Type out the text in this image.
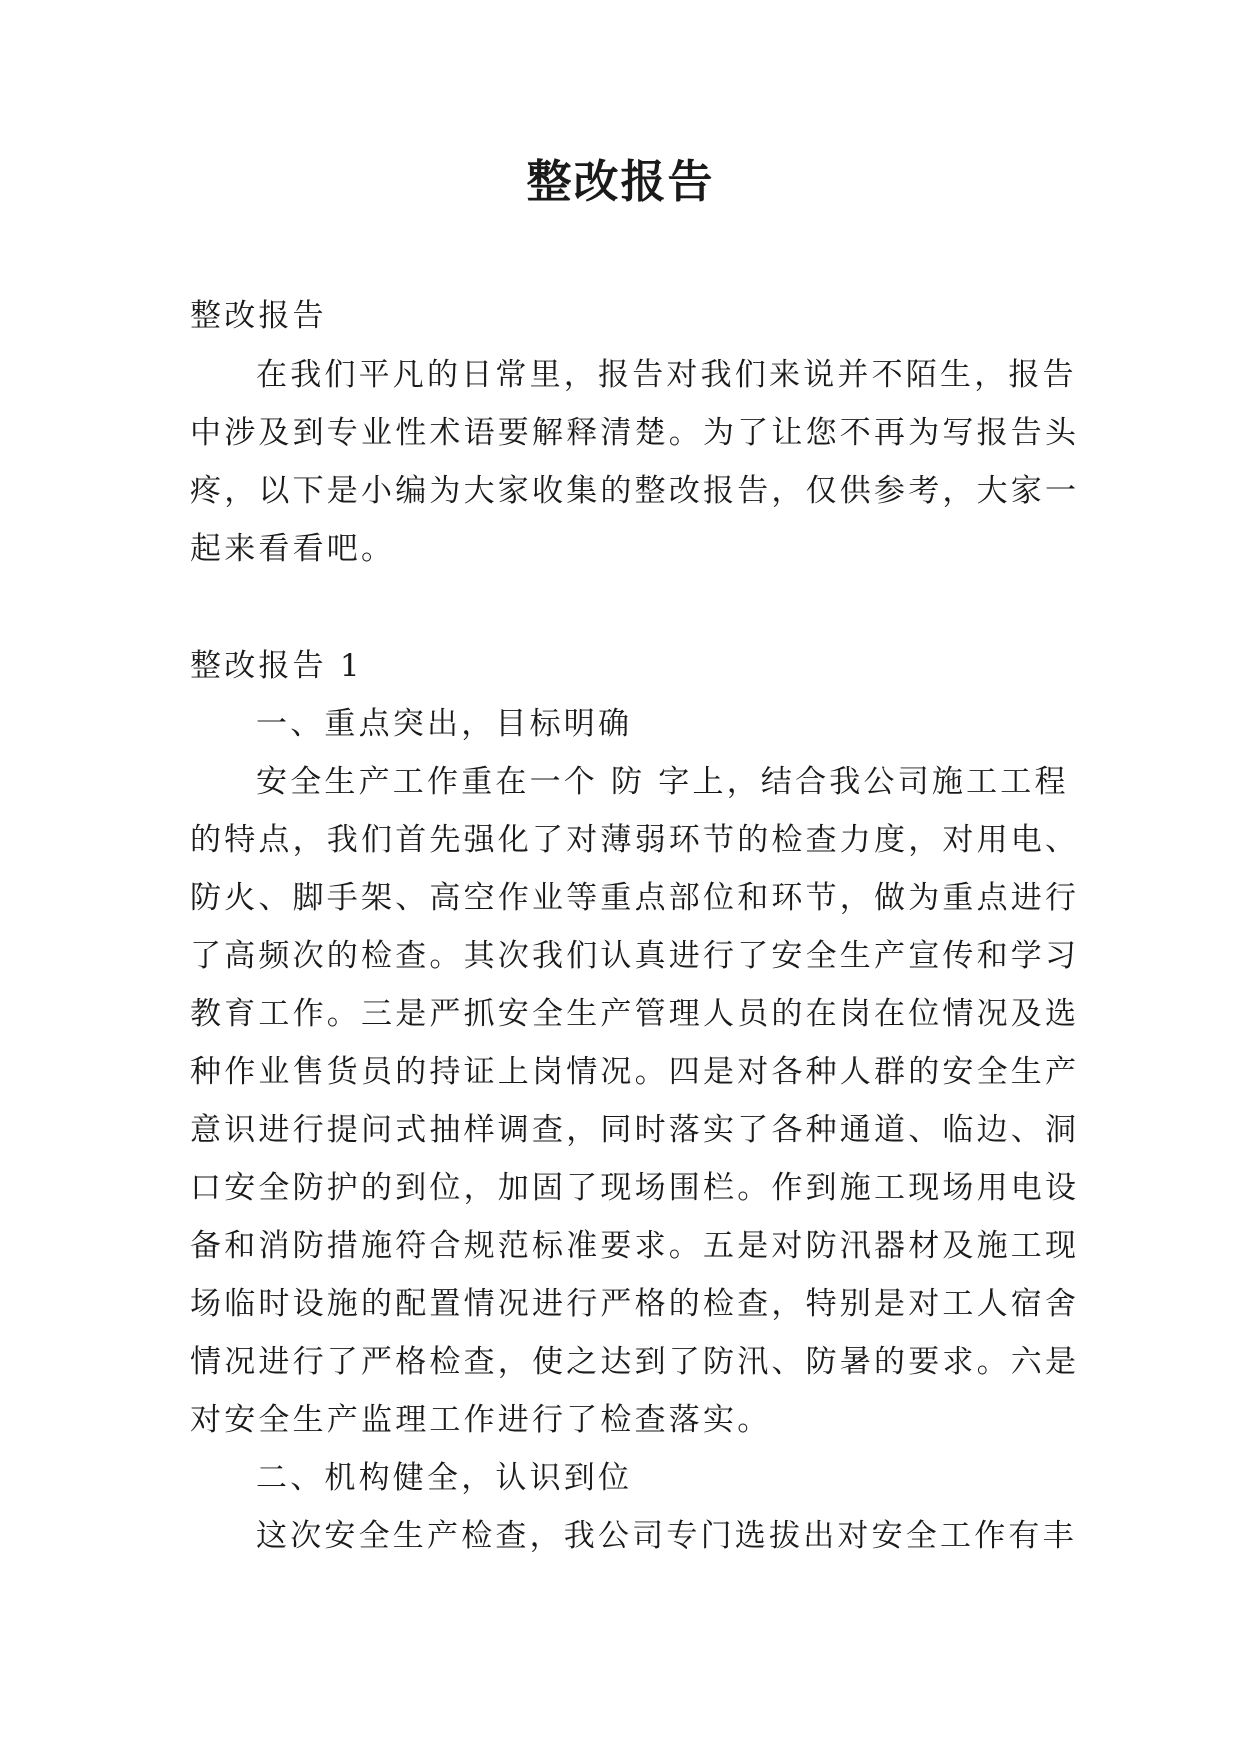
整改报告

整改报告

在我们平凡的日常里，报告对我们来说并不陌生，报告

中涉及到专业性术语要解释清楚。为了让您不再为写报告头

疼，以下是小编为大家收集的整改报告，仅供参考，大家一

起来看看吧。

整改报告 1

一、重点突出，目标明确

安全生产工作重在一个 防 字上，结合我公司施工工程

的特点，我们首先强化了对薄弱环节的检查力度，对用电、

防火、脚手架、高空作业等重点部位和环节，做为重点进行

了高频次的检查。其次我们认真进行了安全生产宣传和学习

教育工作。三是严抓安全生产管理人员的在岗在位情况及选

种作业售货员的持证上岗情况。四是对各种人群的安全生产

意识进行提问式抽样调查，同时落实了各种通道、临边、洞

口安全防护的到位，加固了现场围栏。作到施工现场用电设

备和消防措施符合规范标准要求。五是对防汛器材及施工现

场临时设施的配置情况进行严格的检查，特别是对工人宿舍

情况进行了严格检查，使之达到了防汛、防暑的要求。六是

对安全生产监理工作进行了检查落实。

二、机构健全，认识到位

这次安全生产检查，我公司专门选拔出对安全工作有丰
